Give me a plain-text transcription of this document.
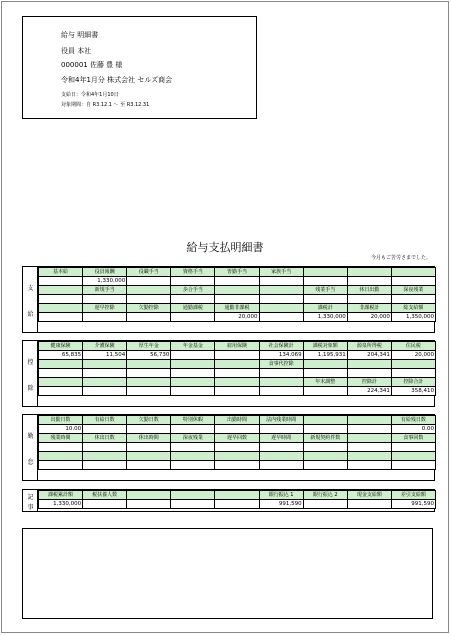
給与 明細書
役員 本社
000001 佐藤 豊 様
令和4年1月分 株式会社 セルズ商会
支給日：令和4年1月10日
対象期間：自 R3.12.1 〜 至 R3.12.31
給与支払明細書
今月もご苦労さまでした。
支
給
基本給	役員報酬	役職手当	資格手当	皆勤手当	家族手当			
	1,330,000							
	新規手当		歩合手当			残業手当	休日出勤	深夜残業

	遅早控除	欠勤控除	通勤課税	通勤非課税		課税計	非課税計	総支給額
				20,000		1,330,000	20,000	1,350,000
控
除
健康保険	介護保険	厚生年金	年金基金	雇用保険	社会保険計	課税対象額	源泉所得税	住民税
65,835	11,504	56,730			134,069	1,195,931	204,341	20,000
					食事代控除			

						年末調整	控除計	控除合計
							224,341	358,410
勤
怠
出勤日数	有給日数	欠勤日数	特別休暇	出勤時間	法内残業時間			有給残日数
10.00								0.00
残業時間	休出日数	休出時間	深夜残業	遅早回数	遅早時間	新規契約件数		食事回数

記
事
課税累計額	税扶養人数				銀行振込 1	銀行振込 2	現金支給額	差引支給額
1,330,000					991,590			991,590
